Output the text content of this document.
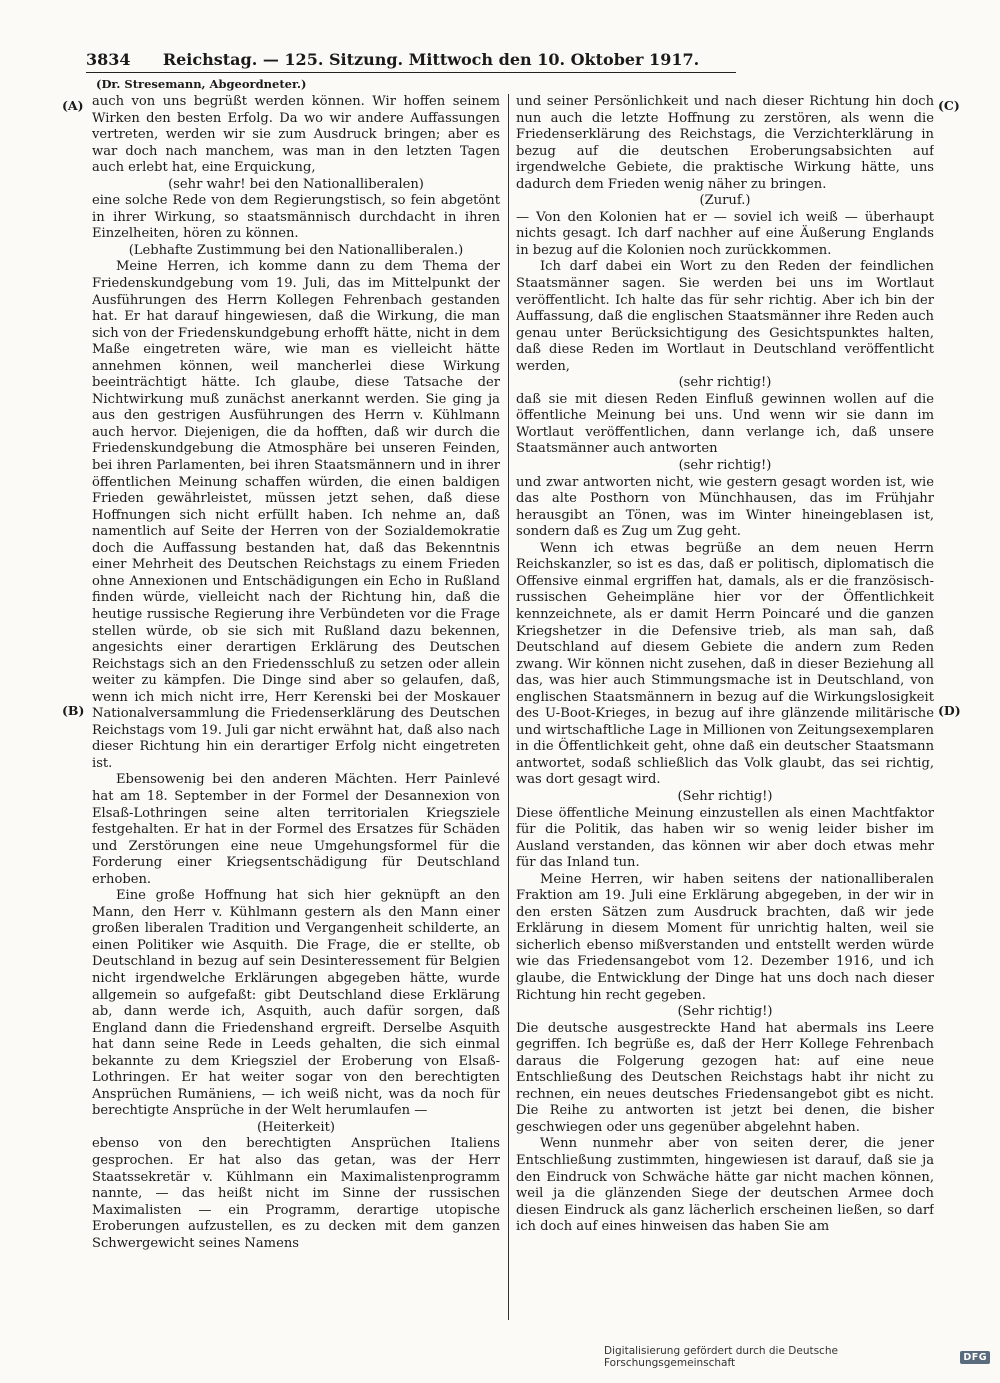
3834	Reichstag. — 125. Sitzung. Mittwoch den 10. Oktober 1917.
(Dr. Stresemann, Abgeordneter.)
(A)
(B)
(C)
(D)

auch von uns begrüßt werden können. Wir hoffen seinem Wirken den besten Erfolg. Da wo wir andere Auffassungen vertreten, werden wir sie zum Ausdruck bringen; aber es war doch nach manchem, was man in den letzten Tagen auch erlebt hat, eine Erquickung,

(sehr wahr! bei den Nationalliberalen)

eine solche Rede von dem Regierungstisch, so fein abgetönt in ihrer Wirkung, so staatsmännisch durchdacht in ihren Einzelheiten, hören zu können.

(Lebhafte Zustimmung bei den Nationalliberalen.)

Meine Herren, ich komme dann zu dem Thema der Friedenskundgebung vom 19. Juli, das im Mittelpunkt der Ausführungen des Herrn Kollegen Fehrenbach gestanden hat. Er hat darauf hingewiesen, daß die Wirkung, die man sich von der Friedenskundgebung erhofft hätte, nicht in dem Maße eingetreten wäre, wie man es vielleicht hätte annehmen können, weil mancherlei diese Wirkung beeinträchtigt hätte. Ich glaube, diese Tatsache der Nichtwirkung muß zunächst anerkannt werden. Sie ging ja aus den gestrigen Ausführungen des Herrn v. Kühlmann auch hervor. Diejenigen, die da hofften, daß wir durch die Friedenskundgebung die Atmosphäre bei unseren Feinden, bei ihren Parlamenten, bei ihren Staatsmännern und in ihrer öffentlichen Meinung schaffen würden, die einen baldigen Frieden gewährleistet, müssen jetzt sehen, daß diese Hoffnungen sich nicht erfüllt haben. Ich nehme an, daß namentlich auf Seite der Herren von der Sozialdemokratie doch die Auffassung bestanden hat, daß das Bekenntnis einer Mehrheit des Deutschen Reichstags zu einem Frieden ohne Annexionen und Entschädigungen ein Echo in Rußland finden würde, vielleicht nach der Richtung hin, daß die heutige russische Regierung ihre Verbündeten vor die Frage stellen würde, ob sie sich mit Rußland dazu bekennen, angesichts einer derartigen Erklärung des Deutschen Reichstags sich an den Friedensschluß zu setzen oder allein weiter zu kämpfen. Die Dinge sind aber so gelaufen, daß, wenn ich mich nicht irre, Herr Kerenski bei der Moskauer Nationalversammlung die Friedenserklärung des Deutschen Reichstags vom 19. Juli gar nicht erwähnt hat, daß also nach dieser Richtung hin ein derartiger Erfolg nicht eingetreten ist.

Ebensowenig bei den anderen Mächten. Herr Painlevé hat am 18. September in der Formel der Desannexion von Elsaß-Lothringen seine alten territorialen Kriegsziele festgehalten. Er hat in der Formel des Ersatzes für Schäden und Zerstörungen eine neue Umgehungsformel für die Forderung einer Kriegsentschädigung für Deutschland erhoben.

Eine große Hoffnung hat sich hier geknüpft an den Mann, den Herr v. Kühlmann gestern als den Mann einer großen liberalen Tradition und Vergangenheit schilderte, an einen Politiker wie Asquith. Die Frage, die er stellte, ob Deutschland in bezug auf sein Desinteressement für Belgien nicht irgendwelche Erklärungen abgegeben hätte, wurde allgemein so aufgefaßt: gibt Deutschland diese Erklärung ab, dann werde ich, Asquith, auch dafür sorgen, daß England dann die Friedenshand ergreift. Derselbe Asquith hat dann seine Rede in Leeds gehalten, die sich einmal bekannte zu dem Kriegsziel der Eroberung von Elsaß-Lothringen. Er hat weiter sogar von den berechtigten Ansprüchen Rumäniens, — ich weiß nicht, was da noch für berechtigte Ansprüche in der Welt herumlaufen —

(Heiterkeit)

ebenso von den berechtigten Ansprüchen Italiens gesprochen. Er hat also das getan, was der Herr Staatssekretär v. Kühlmann ein Maximalistenprogramm nannte, — das heißt nicht im Sinne der russischen Maximalisten — ein Programm, derartige utopische Eroberungen aufzustellen, es zu decken mit dem ganzen Schwergewicht seines Namens

und seiner Persönlichkeit und nach dieser Richtung hin doch nun auch die letzte Hoffnung zu zerstören, als wenn die Friedenserklärung des Reichstags, die Verzichterklärung in bezug auf die deutschen Eroberungsabsichten auf irgendwelche Gebiete, die praktische Wirkung hätte, uns dadurch dem Frieden wenig näher zu bringen.

(Zuruf.)

— Von den Kolonien hat er — soviel ich weiß — überhaupt nichts gesagt. Ich darf nachher auf eine Äußerung Englands in bezug auf die Kolonien noch zurückkommen.

Ich darf dabei ein Wort zu den Reden der feindlichen Staatsmänner sagen. Sie werden bei uns im Wortlaut veröffentlicht. Ich halte das für sehr richtig. Aber ich bin der Auffassung, daß die englischen Staatsmänner ihre Reden auch genau unter Berücksichtigung des Gesichtspunktes halten, daß diese Reden im Wortlaut in Deutschland veröffentlicht werden,

(sehr richtig!)

daß sie mit diesen Reden Einfluß gewinnen wollen auf die öffentliche Meinung bei uns. Und wenn wir sie dann im Wortlaut veröffentlichen, dann verlange ich, daß unsere Staatsmänner auch antworten

(sehr richtig!)

und zwar antworten nicht, wie gestern gesagt worden ist, wie das alte Posthorn von Münchhausen, das im Frühjahr herausgibt an Tönen, was im Winter hineingeblasen ist, sondern daß es Zug um Zug geht.

Wenn ich etwas begrüße an dem neuen Herrn Reichskanzler, so ist es das, daß er politisch, diplomatisch die Offensive einmal ergriffen hat, damals, als er die französisch-russischen Geheimpläne hier vor der Öffentlichkeit kennzeichnete, als er damit Herrn Poincaré und die ganzen Kriegshetzer in die Defensive trieb, als man sah, daß Deutschland auf diesem Gebiete die andern zum Reden zwang. Wir können nicht zusehen, daß in dieser Beziehung all das, was hier auch Stimmungsmache ist in Deutschland, von englischen Staatsmännern in bezug auf die Wirkungslosigkeit des U-Boot-Krieges, in bezug auf ihre glänzende militärische und wirtschaftliche Lage in Millionen von Zeitungsexemplaren in die Öffentlichkeit geht, ohne daß ein deutscher Staatsmann antwortet, sodaß schließlich das Volk glaubt, das sei richtig, was dort gesagt wird.

(Sehr richtig!)

Diese öffentliche Meinung einzustellen als einen Machtfaktor für die Politik, das haben wir so wenig leider bisher im Ausland verstanden, das können wir aber doch etwas mehr für das Inland tun.

Meine Herren, wir haben seitens der nationalliberalen Fraktion am 19. Juli eine Erklärung abgegeben, in der wir in den ersten Sätzen zum Ausdruck brachten, daß wir jede Erklärung in diesem Moment für unrichtig halten, weil sie sicherlich ebenso mißverstanden und entstellt werden würde wie das Friedensangebot vom 12. Dezember 1916, und ich glaube, die Entwicklung der Dinge hat uns doch nach dieser Richtung hin recht gegeben.

(Sehr richtig!)

Die deutsche ausgestreckte Hand hat abermals ins Leere gegriffen. Ich begrüße es, daß der Herr Kollege Fehrenbach daraus die Folgerung gezogen hat: auf eine neue Entschließung des Deutschen Reichstags habt ihr nicht zu rechnen, ein neues deutsches Friedensangebot gibt es nicht. Die Reihe zu antworten ist jetzt bei denen, die bisher geschwiegen oder uns gegenüber abgelehnt haben.

Wenn nunmehr aber von seiten derer, die jener Entschließung zustimmten, hingewiesen ist darauf, daß sie ja den Eindruck von Schwäche hätte gar nicht machen können, weil ja die glänzenden Siege der deutschen Armee doch diesen Eindruck als ganz lächerlich erscheinen ließen, so darf ich doch auf eines hinweisen das haben Sie am

Digitalisierung gefördert durch die Deutsche Forschungsgemeinschaft	DFG
